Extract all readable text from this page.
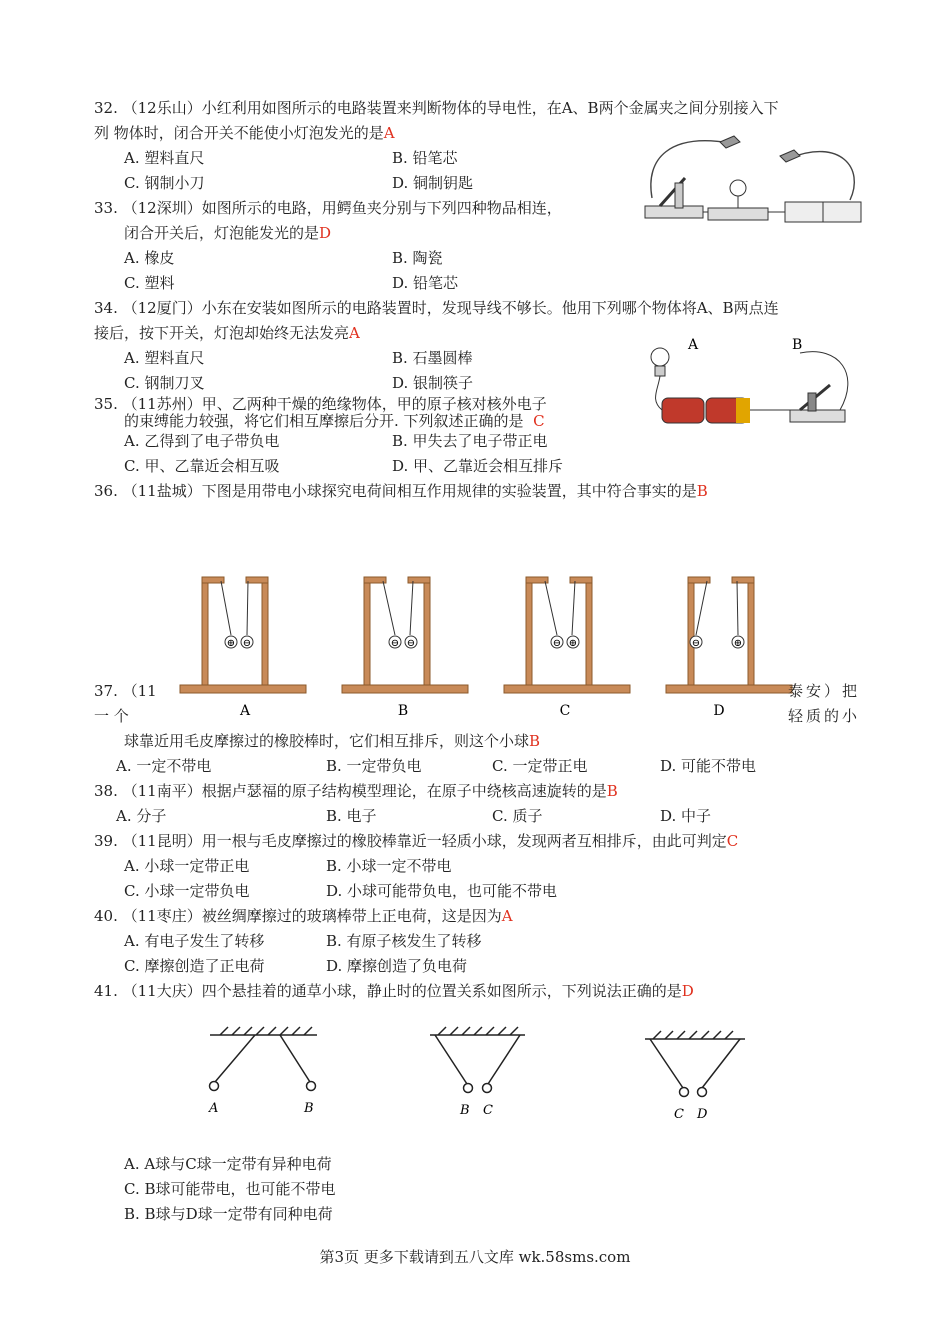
32. （12乐山）小红利用如图所示的电路装置来判断物体的导电性，在A、B两个金属夹之间分别接入下
列 物体时，闭合开关不能使小灯泡发光的是A
A. 塑料直尺	B. 铅笔芯
C. 钢制小刀	D. 铜制钥匙
33. （12深圳）如图所示的电路，用鳄鱼夹分别与下列四种物品相连，
闭合开关后，灯泡能发光的是D
A. 橡皮	B. 陶瓷
C. 塑料	D. 铅笔芯
34. （12厦门）小东在安装如图所示的电路装置时，发现导线不够长。他用下列哪个物体将A、B两点连
接后，按下开关，灯泡却始终无法发亮A
A. 塑料直尺	B. 石墨圆棒
C. 钢制刀叉	D. 银制筷子
A	B
35. （11苏州）甲、乙两种干燥的绝缘物体，甲的原子核对核外电子
的束缚能力较强，将它们相互摩擦后分开. 下列叙述正确的是 C
A. 乙得到了电子带负电	B. 甲失去了电子带正电
C. 甲、乙靠近会相互吸	D. 甲、乙靠近会相互排斥
36. （11盐城）下图是用带电小球探究电荷间相互作用规律的实验装置，其中符合事实的是B
⊕ ⊖
A
⊖ ⊖
B
⊖ ⊕
C
⊖	⊕
D
37. （11	泰安）把
一 个	轻质的小
球靠近用毛皮摩擦过的橡胶棒时，它们相互排斥，则这个小球B
A. 一定不带电	B. 一定带负电	C. 一定带正电	D. 可能不带电
38. （11南平）根据卢瑟福的原子结构模型理论，在原子中绕核高速旋转的是B
A. 分子	B. 电子	C. 质子	D. 中子
39. （11昆明）用一根与毛皮摩擦过的橡胶棒靠近一轻质小球，发现两者互相排斥，由此可判定C
A. 小球一定带正电	B. 小球一定不带电
C. 小球一定带负电	D. 小球可能带负电，也可能不带电
40. （11枣庄）被丝绸摩擦过的玻璃棒带上正电荷，这是因为A
A. 有电子发生了转移	B. 有原子核发生了转移
C. 摩擦创造了正电荷	D. 摩擦创造了负电荷
41. （11大庆）四个悬挂着的通草小球，静止时的位置关系如图所示，下列说法正确的是D
A	B	B C	C D
A. A球与C球一定带有异种电荷
C. B球可能带电，也可能不带电
B. B球与D球一定带有同种电荷
第3页 更多下载请到五八文库 wk.58sms.com
